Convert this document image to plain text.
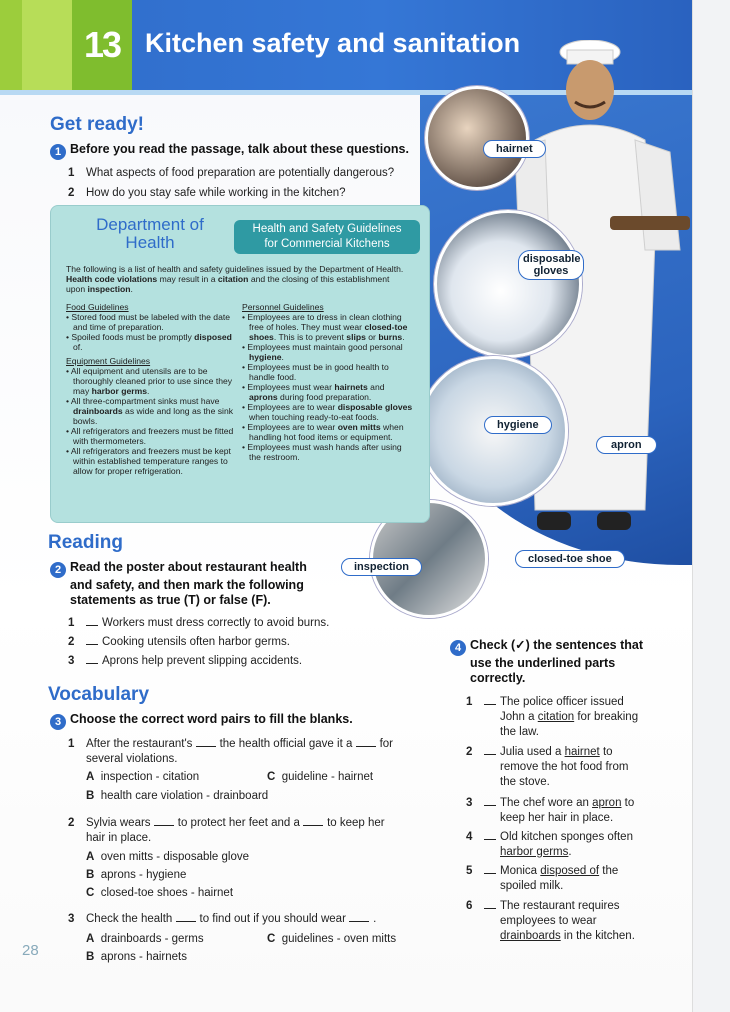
13 Kitchen safety and sanitation
hairnet
disposable gloves
hygiene
apron
inspection
closed-toe shoe
Get ready!
1 Before you read the passage, talk about these questions.
1 What aspects of food preparation are potentially dangerous?
2 How do you stay safe while working in the kitchen?
Department of
Health
Health and Safety Guidelines
for Commercial Kitchens
The following is a list of health and safety guidelines issued by the Department of Health. Health code violations may result in a citation and the closing of this establishment upon inspection.
Food Guidelines
• Stored food must be labeled with the date and time of preparation.
• Spoiled foods must be promptly disposed of.
Equipment Guidelines
• All equipment and utensils are to be thoroughly cleaned prior to use since they may harbor germs.
• All three-compartment sinks must have drainboards as wide and long as the sink bowls.
• All refrigerators and freezers must be fitted with thermometers.
• All refrigerators and freezers must be kept within established temperature ranges to allow for proper refrigeration.
Personnel Guidelines
• Employees are to dress in clean clothing free of holes. They must wear closed-toe shoes. This is to prevent slips or burns.
• Employees must maintain good personal hygiene.
• Employees must be in good health to handle food.
• Employees must wear hairnets and aprons during food preparation.
• Employees are to wear disposable gloves when touching ready-to-eat foods.
• Employees are to wear oven mitts when handling hot food items or equipment.
• Employees must wash hands after using the restroom.
Reading
2 Read the poster about restaurant health
and safety, and then mark the following
statements as true (T) or false (F).
1 Workers must dress correctly to avoid burns.
2 Cooking utensils often harbor germs.
3 Aprons help prevent slipping accidents.
Vocabulary
3 Choose the correct word pairs to fill the blanks.
1 After the restaurant's the health official gave it a for
several violations.
A inspection - citation	C guideline - hairnet
B health care violation - drainboard
2 Sylvia wears to protect her feet and a to keep her
hair in place.
A oven mitts - disposable glove
B aprons - hygiene
C closed-toe shoes - hairnet
3 Check the health to find out if you should wear .
A drainboards - germs	C guidelines - oven mitts
B aprons - hairnets
4 Check (✓) the sentences that
use the underlined parts
correctly.
1 The police officer issued
John a citation for breaking
the law.
2 Julia used a hairnet to
remove the hot food from
the stove.
3 The chef wore an apron to
keep her hair in place.
4 Old kitchen sponges often
harbor germs.
5 Monica disposed of the
spoiled milk.
6 The restaurant requires
employees to wear
drainboards in the kitchen.
28
